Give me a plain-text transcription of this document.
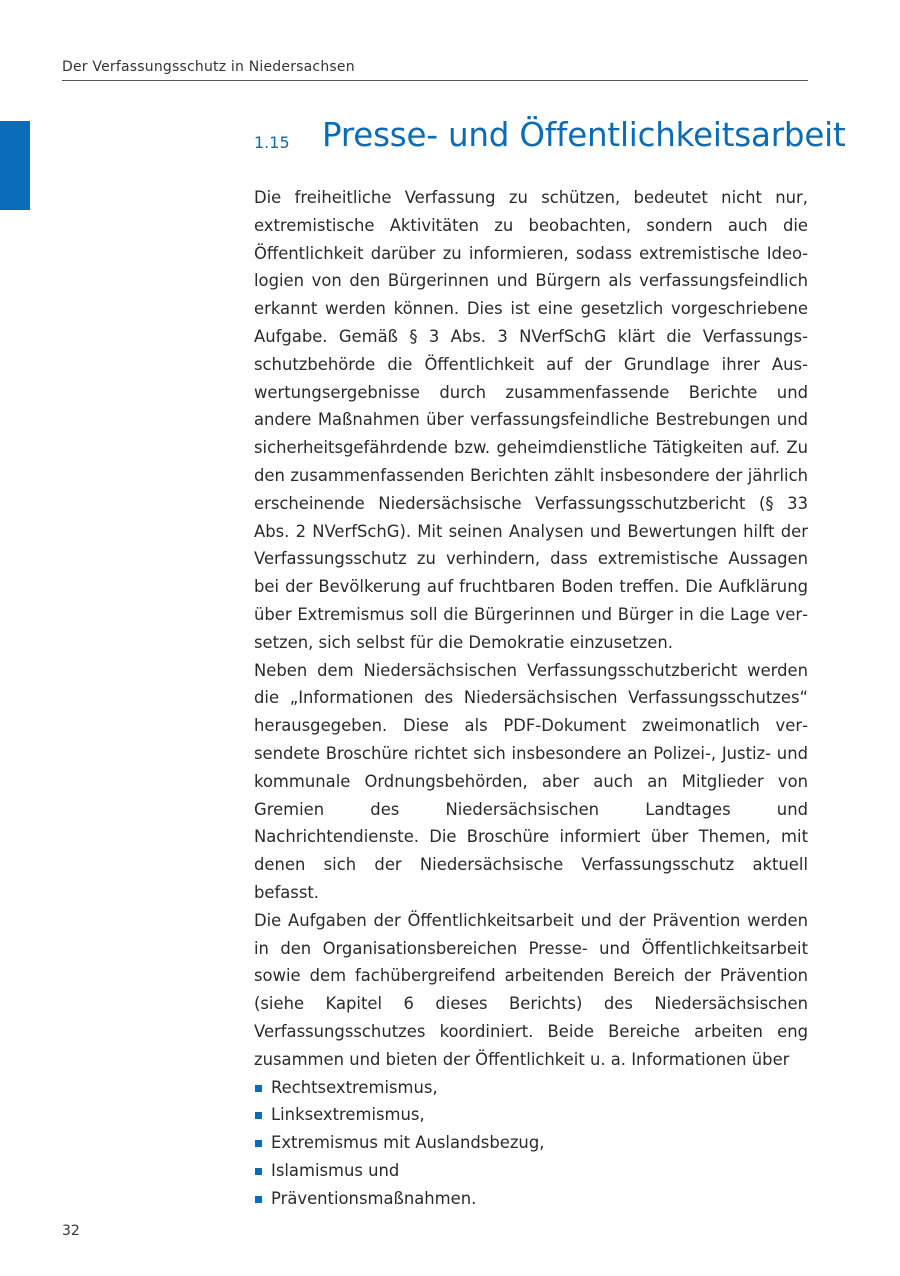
Der Verfassungsschutz in Niedersachsen
1.15 Presse- und Öffentlichkeitsarbeit

Die freiheitliche Verfassung zu schützen, bedeutet nicht nur, extremistische Aktivitäten zu beobachten, sondern auch die Öffentlichkeit darüber zu informieren, sodass extremistische Ideologien von den Bürgerinnen und Bürgern als verfassungsfeindlich erkannt werden können. Dies ist eine gesetzlich vorgeschriebene Aufgabe. Gemäß § 3 Abs. 3 NVerfSchG klärt die Verfassungsschutzbehörde die Öffentlichkeit auf der Grundlage ihrer Auswertungsergebnisse durch zusammenfassende Berichte und andere Maßnahmen über verfassungsfeindliche Bestrebungen und sicherheitsgefährdende bzw. geheimdienstliche Tätigkeiten auf. Zu den zusammenfassenden Berichten zählt insbesondere der jährlich erscheinende Niedersächsische Verfassungsschutzbericht (§ 33 Abs. 2 NVerfSchG). Mit seinen Analysen und Bewertungen hilft der Verfassungsschutz zu verhindern, dass extremistische Aussagen bei der Bevölkerung auf fruchtbaren Boden treffen. Die Aufklärung über Extremismus soll die Bürgerinnen und Bürger in die Lage versetzen, sich selbst für die Demokratie einzusetzen.

Neben dem Niedersächsischen Verfassungsschutzbericht werden die „Informationen des Niedersächsischen Verfassungsschutzes“ herausgegeben. Diese als PDF-Dokument zweimonatlich versendete Broschüre richtet sich insbesondere an Polizei-, Justiz- und kommunale Ordnungsbehörden, aber auch an Mitglieder von Gremien des Niedersächsischen Landtages und Nachrichtendienste. Die Broschüre informiert über Themen, mit denen sich der Niedersächsische Verfassungsschutz aktuell befasst.

Die Aufgaben der Öffentlichkeitsarbeit und der Prävention werden in den Organisationsbereichen Presse- und Öffentlichkeitsarbeit sowie dem fachübergreifend arbeitenden Bereich der Prävention (siehe Kapitel 6 dieses Berichts) des Niedersächsischen Verfassungsschutzes koordiniert. Beide Bereiche arbeiten eng zusammen und bieten der Öffentlichkeit u. a. Informationen über

Rechtsextremismus,
Linksextremismus,
Extremismus mit Auslandsbezug,
Islamismus und
Präventionsmaßnahmen.
32
